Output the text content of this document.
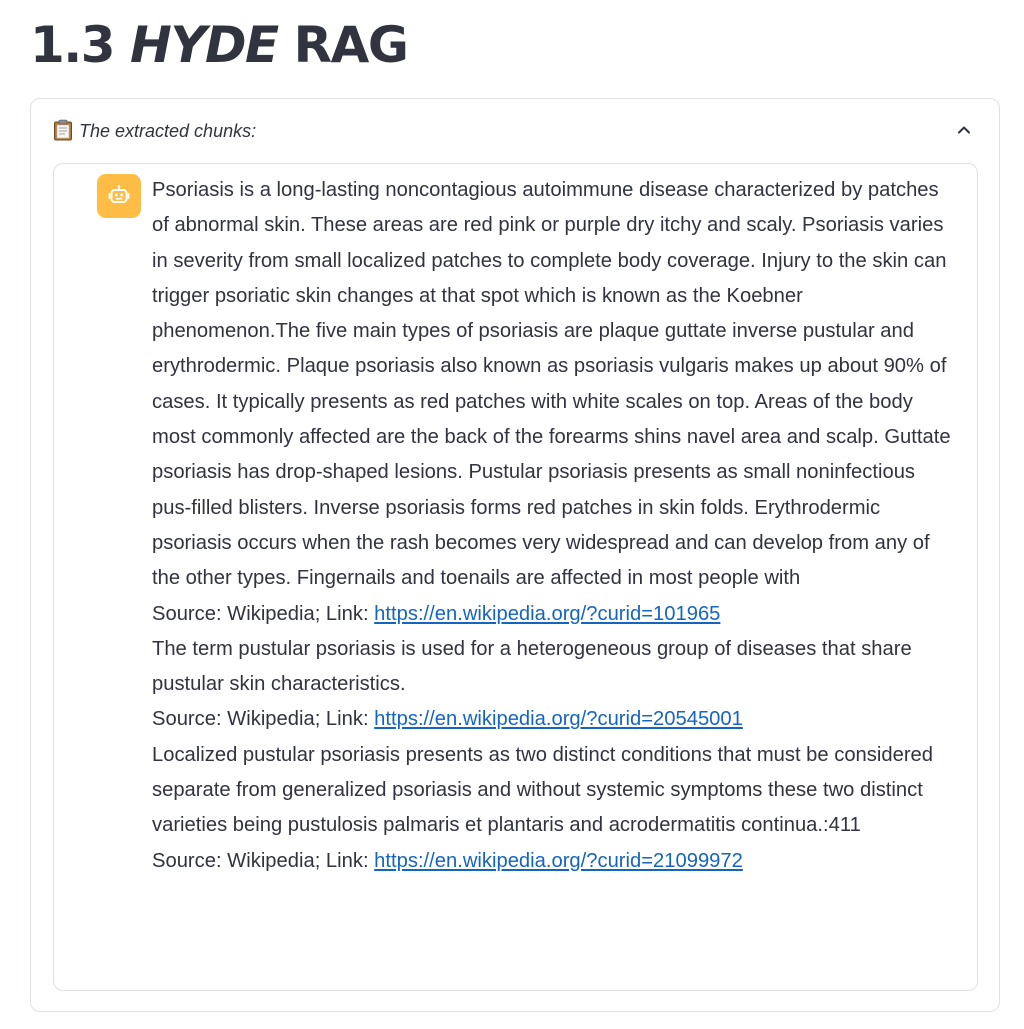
1.3 HYDE RAG
The extracted chunks:

Psoriasis is a long-lasting noncontagious autoimmune disease characterized by patches of abnormal skin. These areas are red pink or purple dry itchy and scaly. Psoriasis varies in severity from small localized patches to complete body coverage. Injury to the skin can trigger psoriatic skin changes at that spot which is known as the Koebner phenomenon.The five main types of psoriasis are plaque guttate inverse pustular and erythrodermic. Plaque psoriasis also known as psoriasis vulgaris makes up about 90% of cases. It typically presents as red patches with white scales on top. Areas of the body most commonly affected are the back of the forearms shins navel area and scalp. Guttate psoriasis has drop-shaped lesions. Pustular psoriasis presents as small noninfectious pus-filled blisters. Inverse psoriasis forms red patches in skin folds. Erythrodermic psoriasis occurs when the rash becomes very widespread and can develop from any of the other types. Fingernails and toenails are affected in most people with

Source: Wikipedia; Link: https://en.wikipedia.org/?curid=101965

The term pustular psoriasis is used for a heterogeneous group of diseases that share pustular skin characteristics.

Source: Wikipedia; Link: https://en.wikipedia.org/?curid=20545001

Localized pustular psoriasis presents as two distinct conditions that must be considered separate from generalized psoriasis and without systemic symptoms these two distinct varieties being pustulosis palmaris et plantaris and acrodermatitis continua.:411

Source: Wikipedia; Link: https://en.wikipedia.org/?curid=21099972
